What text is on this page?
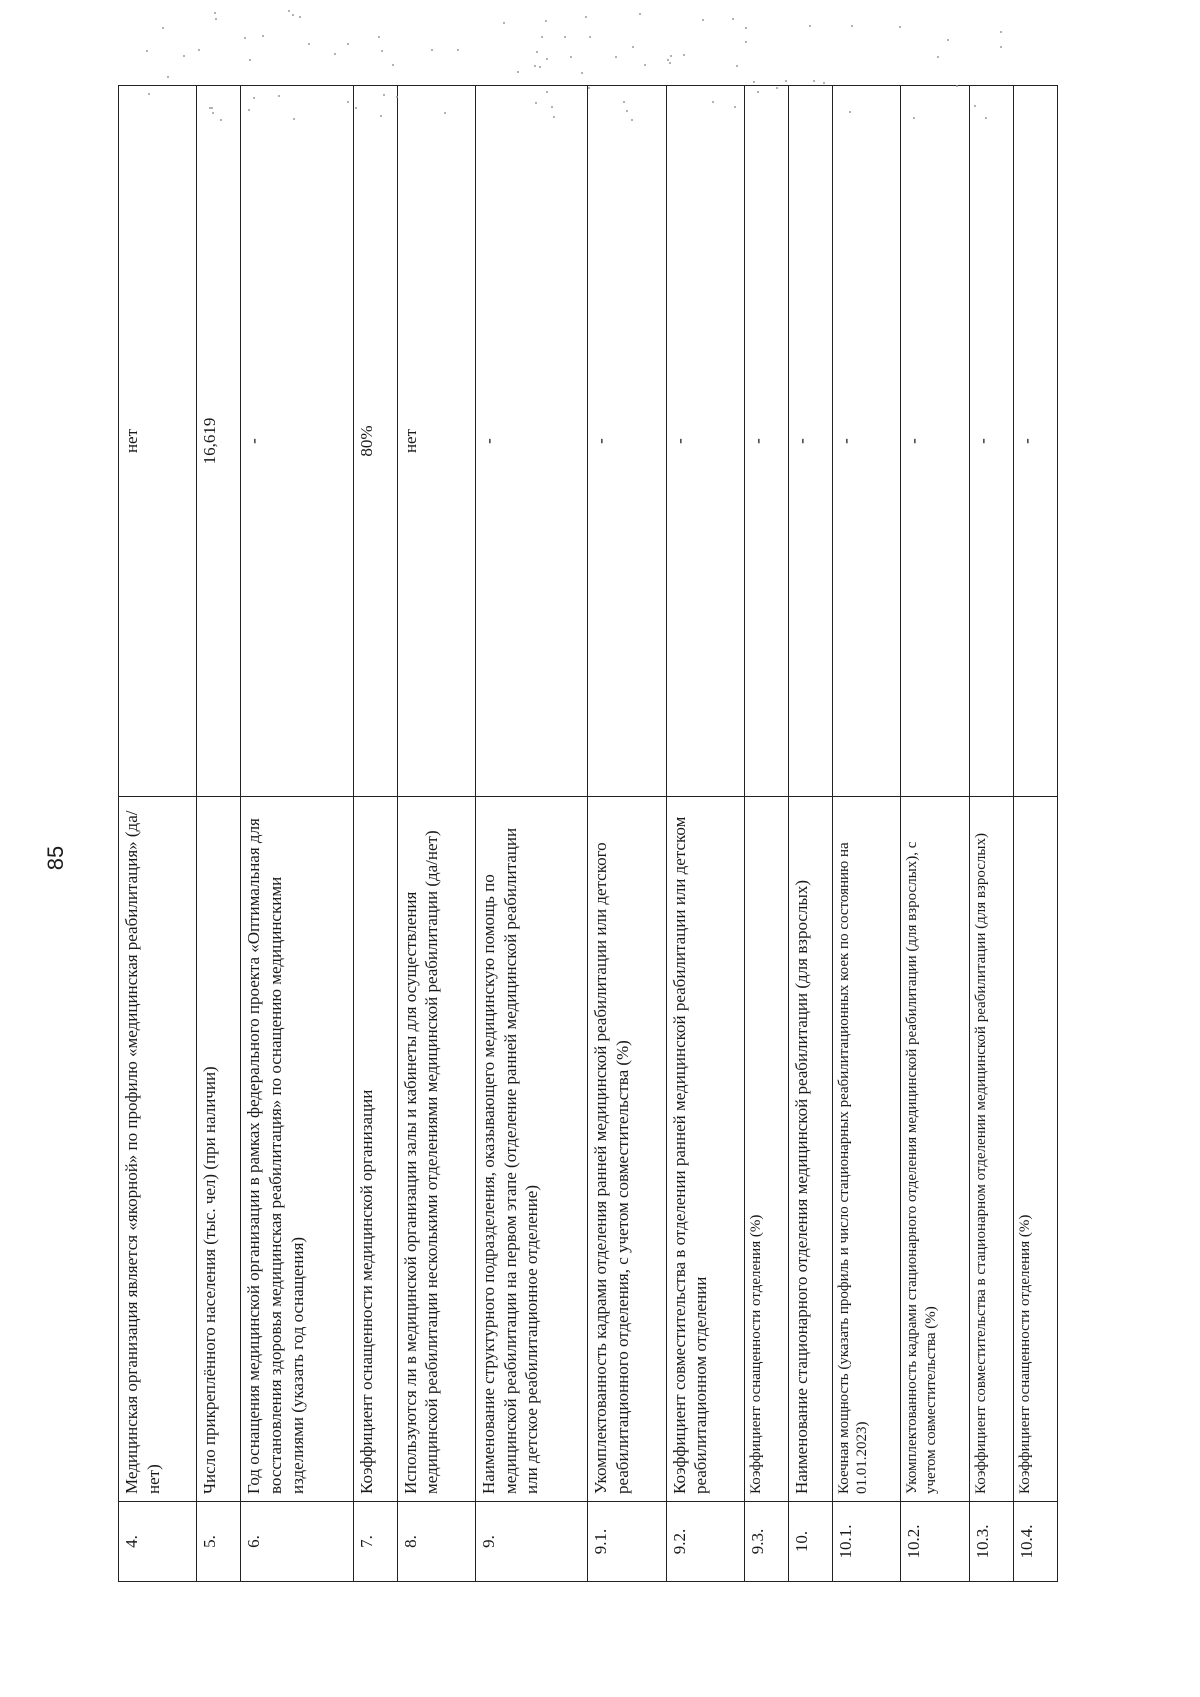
85
4.	Медицинская организация является «якорной» по профилю «медицинская реабилитация» (да/нет)	нет
5.	Число прикреплённого населения (тыс. чел) (при наличии)	16,619
6.	Год оснащения медицинской организации в рамках федерального проекта «Оптимальная для восстановления здоровья медицинская реабилитация» по оснащению медицинскими изделиями (указать год оснащения)	-
7.	Коэффициент оснащенности медицинской организации	80%
8.	Используются ли в медицинской организации залы и кабинеты для осуществления медицинской реабилитации несколькими отделениями медицинской реабилитации (да/нет)	нет
9.	Наименование структурного подразделения, оказывающего медицинскую помощь по медицинской реабилитации на первом этапе (отделение ранней медицинской реабилитации или детское реабилитационное отделение)	-
9.1.	Укомплектованность кадрами отделения ранней медицинской реабилитации или детского реабилитационного отделения, с учетом совместительства (%)	-
9.2.	Коэффициент совместительства в отделении ранней медицинской реабилитации или детском реабилитационном отделении	-
9.3.	Коэффициент оснащенности отделения (%)	-
10.	Наименование стационарного отделения медицинской реабилитации (для взрослых)	-
10.1.	Коечная мощность (указать профиль и число стационарных реабилитационных коек по состоянию на 01.01.2023)	-
10.2.	Укомплектованность кадрами стационарного отделения медицинской реабилитации (для взрослых), с учетом совместительства (%)	-
10.3.	Коэффициент совместительства в стационарном отделении медицинской реабилитации (для взрослых)	-
10.4.	Коэффициент оснащенности отделения (%)	-
